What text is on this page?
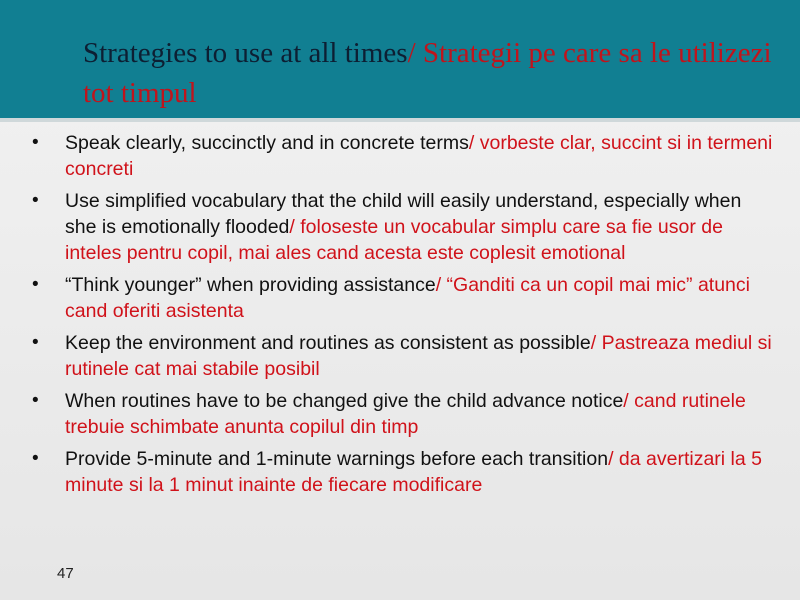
Strategies to use at all times/ Strategii pe care sa le utilizezi tot timpul
• Speak clearly, succinctly and in concrete terms/ vorbeste clar, succint si in termeni concreti
• Use simplified vocabulary that the child will easily understand, especially when she is emotionally flooded/ foloseste un vocabular simplu care sa fie usor de inteles pentru copil, mai ales cand acesta este coplesit emotional
• “Think younger” when providing assistance/ “Ganditi ca un copil mai mic” atunci cand oferiti asistenta
• Keep the environment and routines as consistent as possible/ Pastreaza mediul si rutinele cat mai stabile posibil
• When routines have to be changed give the child advance notice/ cand rutinele trebuie schimbate anunta copilul din timp
• Provide 5-minute and 1-minute warnings before each transition/ da avertizari la 5 minute si la 1 minut inainte de fiecare modificare
47
